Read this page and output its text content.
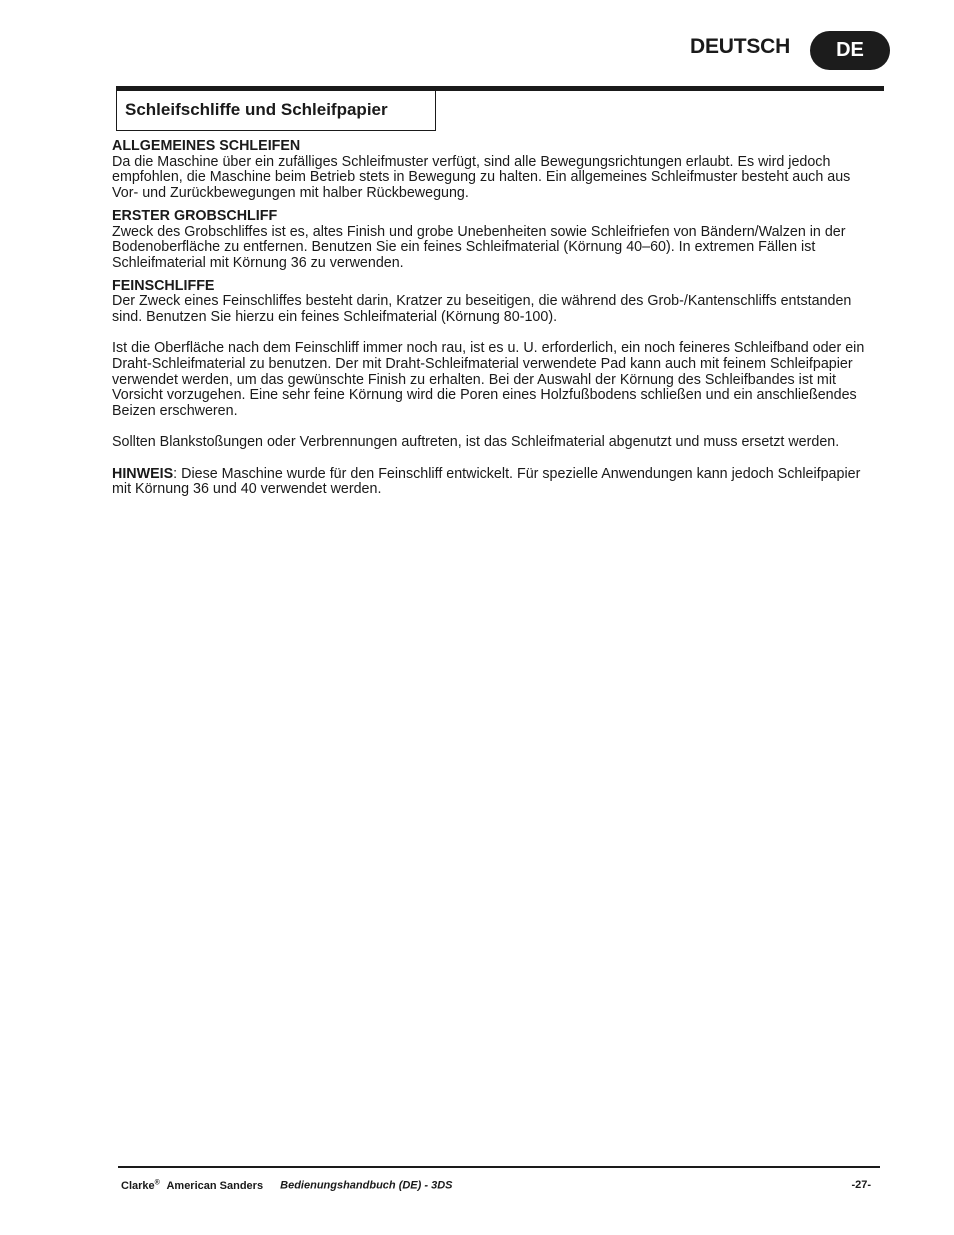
DEUTSCH	DE
Schleifschliffe und Schleifpapier
ALLGEMEINES SCHLEIFEN

Da die Maschine über ein zufälliges Schleifmuster verfügt, sind alle Bewegungsrichtungen erlaubt. Es wird jedoch empfohlen, die Maschine beim Betrieb stets in Bewegung zu halten. Ein allgemeines Schleifmuster besteht auch aus Vor- und Zurückbewegungen mit halber Rückbewegung.

ERSTER GROBSCHLIFF

Zweck des Grobschliffes ist es, altes Finish und grobe Unebenheiten sowie Schleifriefen von Bändern/Walzen in der Bodenoberfläche zu entfernen. Benutzen Sie ein feines Schleifmaterial (Körnung 40–60). In extremen Fällen ist Schleifmaterial mit Körnung 36 zu verwenden.

FEINSCHLIFFE

Der Zweck eines Feinschliffes besteht darin, Kratzer zu beseitigen, die während des Grob-/Kantenschliffs entstanden sind. Benutzen Sie hierzu ein feines Schleifmaterial (Körnung 80-100).

Ist die Oberfläche nach dem Feinschliff immer noch rau, ist es u. U. erforderlich, ein noch feineres Schleifband oder ein Draht-Schleifmaterial zu benutzen. Der mit Draht-Schleifmaterial verwendete Pad kann auch mit feinem Schleifpapier verwendet werden, um das gewünschte Finish zu erhalten. Bei der Auswahl der Körnung des Schleifbandes ist mit Vorsicht vorzugehen. Eine sehr feine Körnung wird die Poren eines Holzfußbodens schließen und ein anschließendes Beizen erschweren.

Sollten Blankstoßungen oder Verbrennungen auftreten, ist das Schleifmaterial abgenutzt und muss ersetzt werden.

HINWEIS: Diese Maschine wurde für den Feinschliff entwickelt. Für spezielle Anwendungen kann jedoch Schleifpapier mit Körnung 36 und 40 verwendet werden.

Clarke® American Sanders Bedienungshandbuch (DE) - 3DS	-27-
